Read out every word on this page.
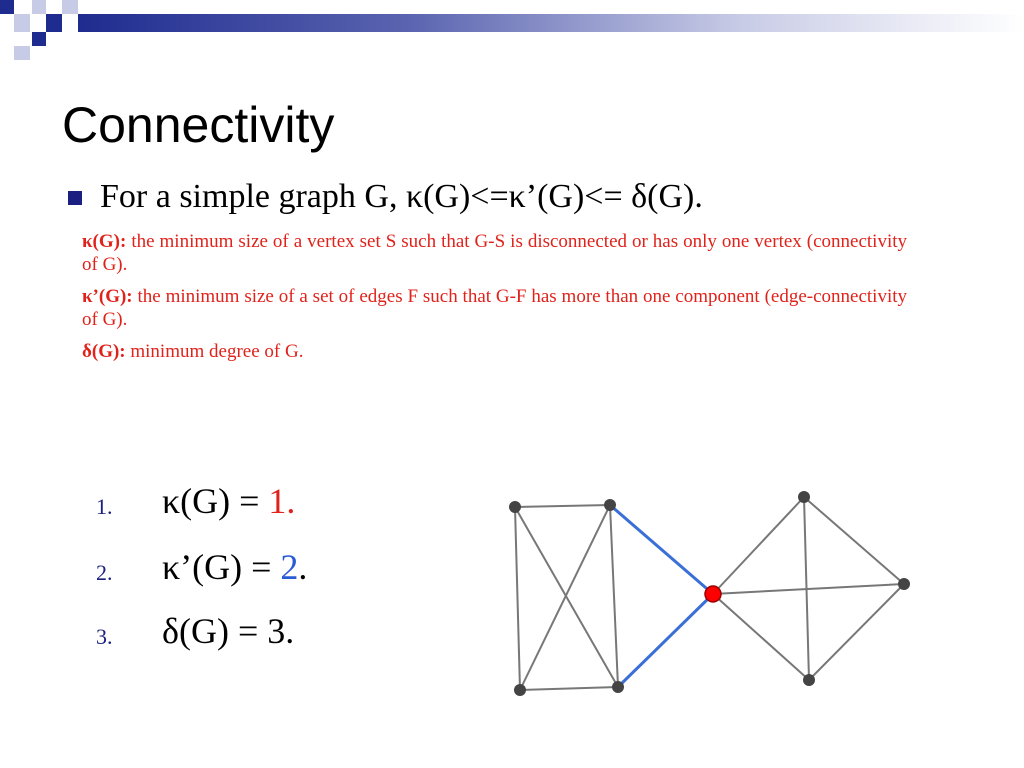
Connectivity
For a simple graph G, κ(G)<=κ’(G)<= δ(G).
κ(G): the minimum size of a vertex set S such that G-S is disconnected or has only one vertex (connectivity of G).
κ’(G): the minimum size of a set of edges F such that G-F has more than one component (edge-connectivity of G).
δ(G): minimum degree of G.
1. κ(G) = 1.
2. κ’(G) = 2.
3. δ(G) = 3.
